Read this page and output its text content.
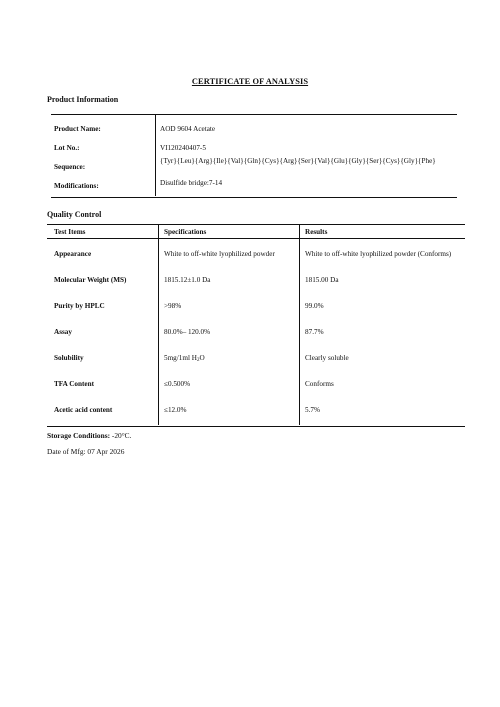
CERTIFICATE OF ANALYSIS
Product Information
Product Name:	AOD 9604 Acetate
Lot No.:	VI120240407-5
Sequence:
{Tyr}{Leu}{Arg}{Ile}{Val}{Gln}{Cys}{Arg}{Ser}{Val}{Glu}{Gly}{Ser}{Cys}{Gly}{Phe}
Modifications:	Disulfide bridge:7-14
Quality Control
Test Items	Specifications	Results
Appearance	White to off-white lyophilized powder	White to off-white lyophilized powder (Conforms)
Molecular Weight (MS)	1815.12±1.0 Da	1815.00 Da
Purity by HPLC	>98%	99.0%
Assay	80.0%– 120.0%	87.7%
Solubility	5mg/1ml $H_2O$	Clearly soluble
TFA Content	≤0.500%	Conforms
Acetic acid content	≤12.0%	5.7%
Storage Conditions: -20°C.
Date of Mfg: 07 Apr 2026
